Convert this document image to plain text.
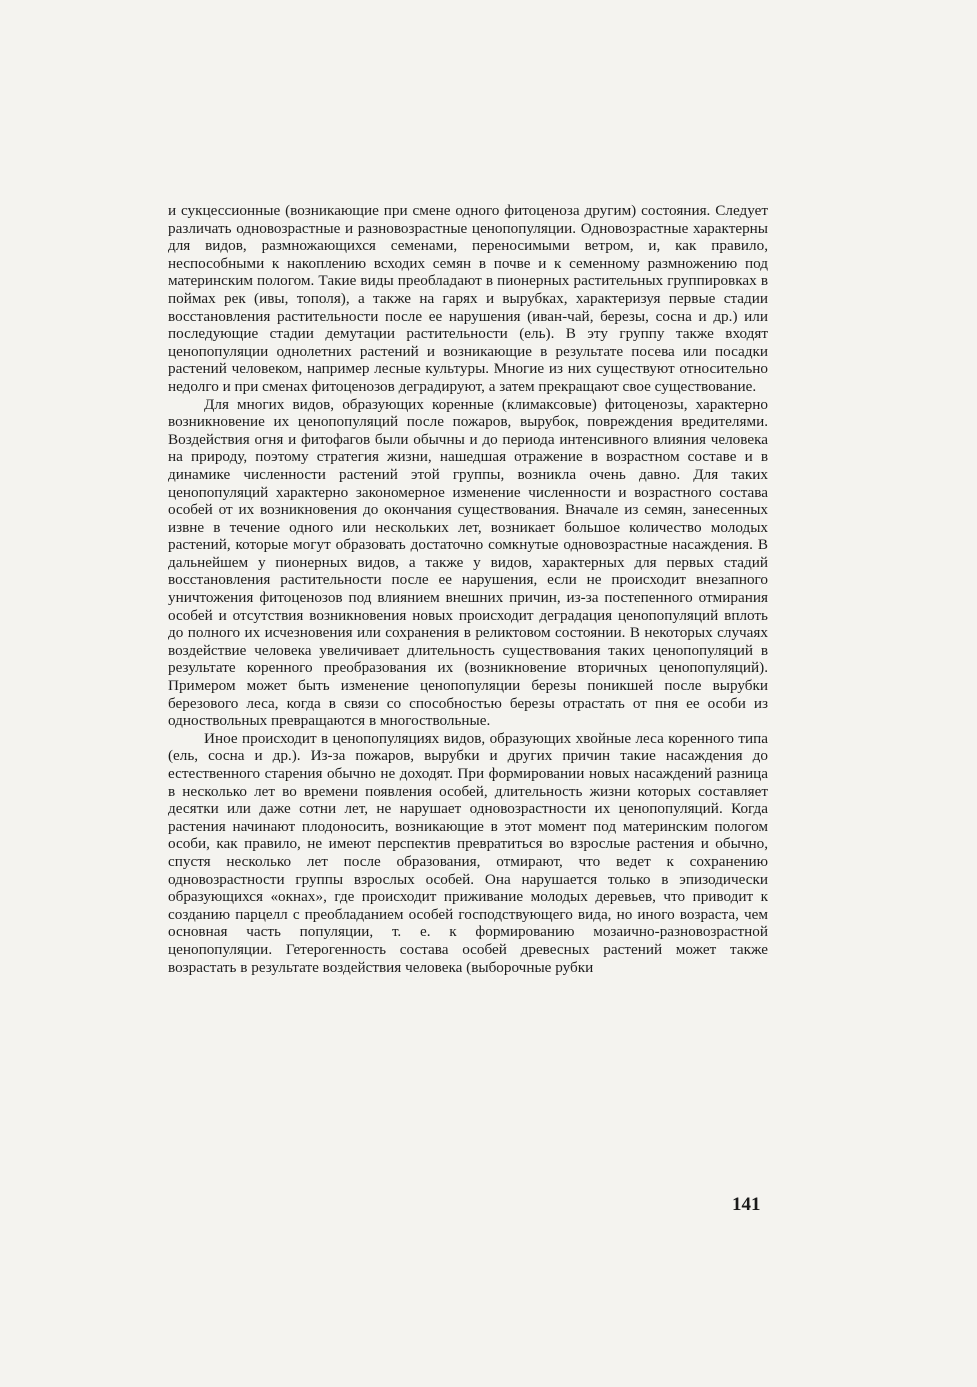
и сукцессионные (возникающие при смене одного фитоценоза другим) состояния. Следует различать одновозрастные и разновозрастные ценопопуляции. Одновозрастные характерны для видов, размножающихся семенами, переносимыми ветром, и, как правило, неспособными к накоплению всходих семян в почве и к семенному размножению под материнским пологом. Такие виды преобладают в пионерных растительных группировках в поймах рек (ивы, тополя), а также на гарях и вырубках, характеризуя первые стадии восстановления растительности после ее нарушения (иван-чай, березы, сосна и др.) или последующие стадии демутации растительности (ель). В эту группу также входят ценопопуляции однолетних растений и возникающие в результате посева или посадки растений человеком, например лесные культуры. Многие из них существуют относительно недолго и при сменах фитоценозов деградируют, а затем прекращают свое существование.

Для многих видов, образующих коренные (климаксовые) фитоценозы, характерно возникновение их ценопопуляций после пожаров, вырубок, повреждения вредителями. Воздействия огня и фитофагов были обычны и до периода интенсивного влияния человека на природу, поэтому стратегия жизни, нашедшая отражение в возрастном составе и в динамике численности растений этой группы, возникла очень давно. Для таких ценопопуляций характерно закономерное изменение численности и возрастного состава особей от их возникновения до окончания существования. Вначале из семян, занесенных извне в течение одного или нескольких лет, возникает большое количество молодых растений, которые могут образовать достаточно сомкнутые одновозрастные насаждения. В дальнейшем у пионерных видов, а также у видов, характерных для первых стадий восстановления растительности после ее нарушения, если не происходит внезапного уничтожения фитоценозов под влиянием внешних причин, из-за постепенного отмирания особей и отсутствия возникновения новых происходит деградация ценопопуляций вплоть до полного их исчезновения или сохранения в реликтовом состоянии. В некоторых случаях воздействие человека увеличивает длительность существования таких ценопопуляций в результате коренного преобразования их (возникновение вторичных ценопопуляций). Примером может быть изменение ценопопуляции березы поникшей после вырубки березового леса, когда в связи со способностью березы отрастать от пня ее особи из одноствольных превращаются в многоствольные.

Иное происходит в ценопопуляциях видов, образующих хвойные леса коренного типа (ель, сосна и др.). Из-за пожаров, вырубки и других причин такие насаждения до естественного старения обычно не доходят. При формировании новых насаждений разница в несколько лет во времени появления особей, длительность жизни которых составляет десятки или даже сотни лет, не нарушает одновозрастности их ценопопуляций. Когда растения начинают плодоносить, возникающие в этот момент под материнским пологом особи, как правило, не имеют перспектив превратиться во взрослые растения и обычно, спустя несколько лет после образования, отмирают, что ведет к сохранению одновозрастности группы взрослых особей. Она нарушается только в эпизодически образующихся «окнах», где происходит приживание молодых деревьев, что приводит к созданию парцелл с преобладанием особей господствующего вида, но иного возраста, чем основная часть популяции, т. е. к формированию мозаично-разновозрастной ценопопуляции. Гетерогенность состава особей древесных растений может также возрастать в результате воздействия человека (выборочные рубки

141
